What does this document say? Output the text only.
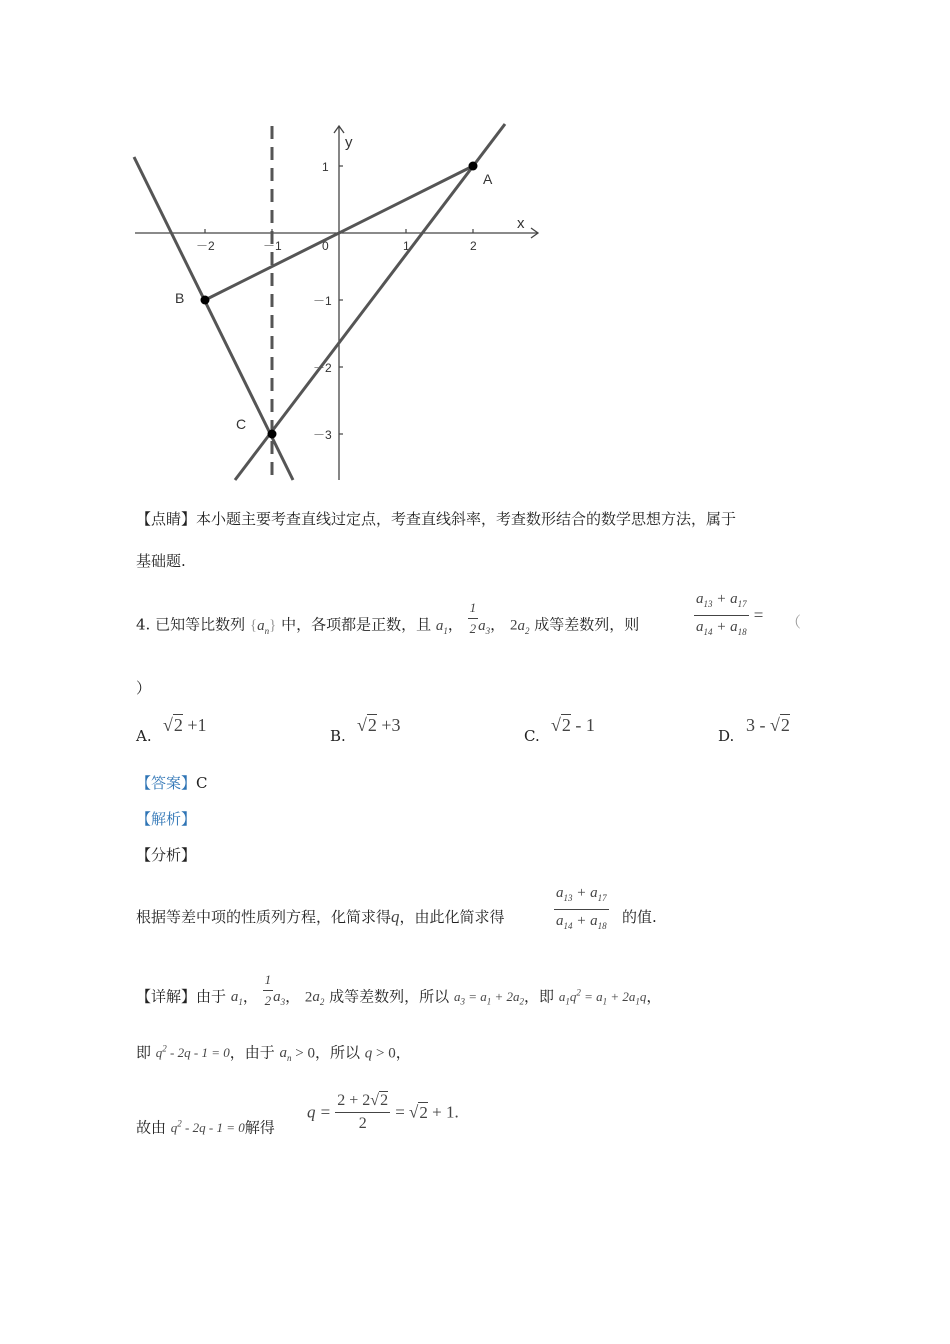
－2	－1	1	2
0
1
－1
－2
－3
x
y
A
B
C
【点睛】本小题主要考查直线过定点，考查直线斜率，考查数形结合的数学思想方法，属于
基础题.
4. 已知等比数列 $\{a_n\}$ 中，各项都是正数，且 $a_1$， $\frac{1}{2} a_3$， $2a_2$ 成等差数列，则	$\frac{a_{13} + a_{17}}{a_{14} + a_{18}}$ = （
）
A.
√2 +1
B.
√2 +3
C.
√2 - 1
D.
3 - √2
【答案】C
【解析】
【分析】
根据等差中项的性质列方程，化简求得q，由此化简求得	$\frac{a_{13} + a_{17}}{a_{14} + a_{18}}$ 的值.
【详解】由于 $a_1$， $\frac{1}{2} a_3$， $2a_2$ 成等差数列，所以 $a_3 = a_1 + 2a_2$，即 $a_1q^2 = a_1 + 2a_1q$，
即 $q^2 - 2q - 1 = 0$，由于 $a_n > 0$，所以 q > 0，
故由 $q^2 - 2q - 1 = 0$解得
$q = \frac{2 + 2√2}{2} = √2 + 1$.
